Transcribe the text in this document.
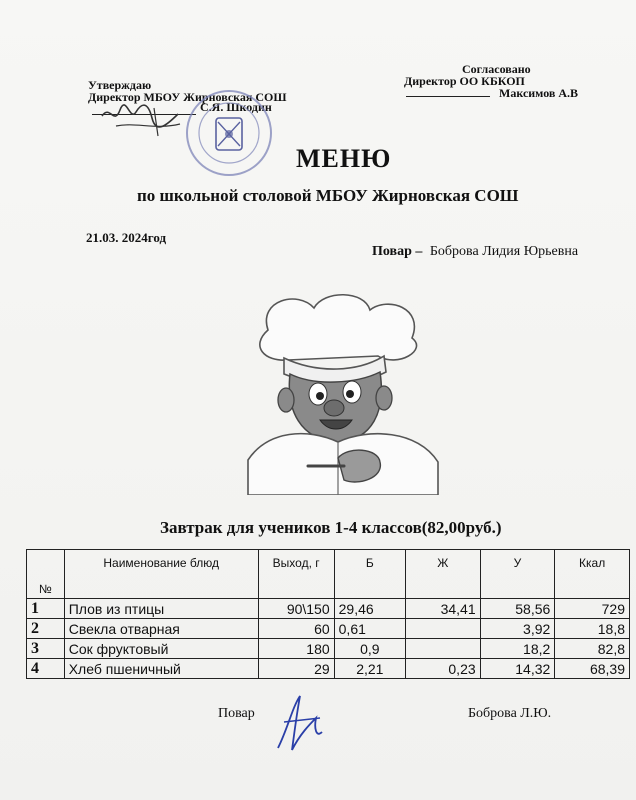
Утверждаю
Директор МБОУ Жирновская СОШ
С.Я. Шкодин
Согласовано
Директор ОО КБКОП
Максимов А.В
МЕНЮ
по школьной столовой МБОУ Жирновская СОШ
21.03. 2024год
Повар – Боброва Лидия Юрьевна
Завтрак для учеников 1-4 классов(82,00руб.)
№	Наименование блюд	Выход, г	Б	Ж	У	Ккал
1	Плов из птицы	90\150	29,46	34,41	58,56	729
2	Свекла отварная	60	0,61		3,92	18,8
3	Сок фруктовый	180	0,9		18,2	82,8
4	Хлеб пшеничный	29	2,21	0,23	14,32	68,39
Повар	Боброва Л.Ю.
